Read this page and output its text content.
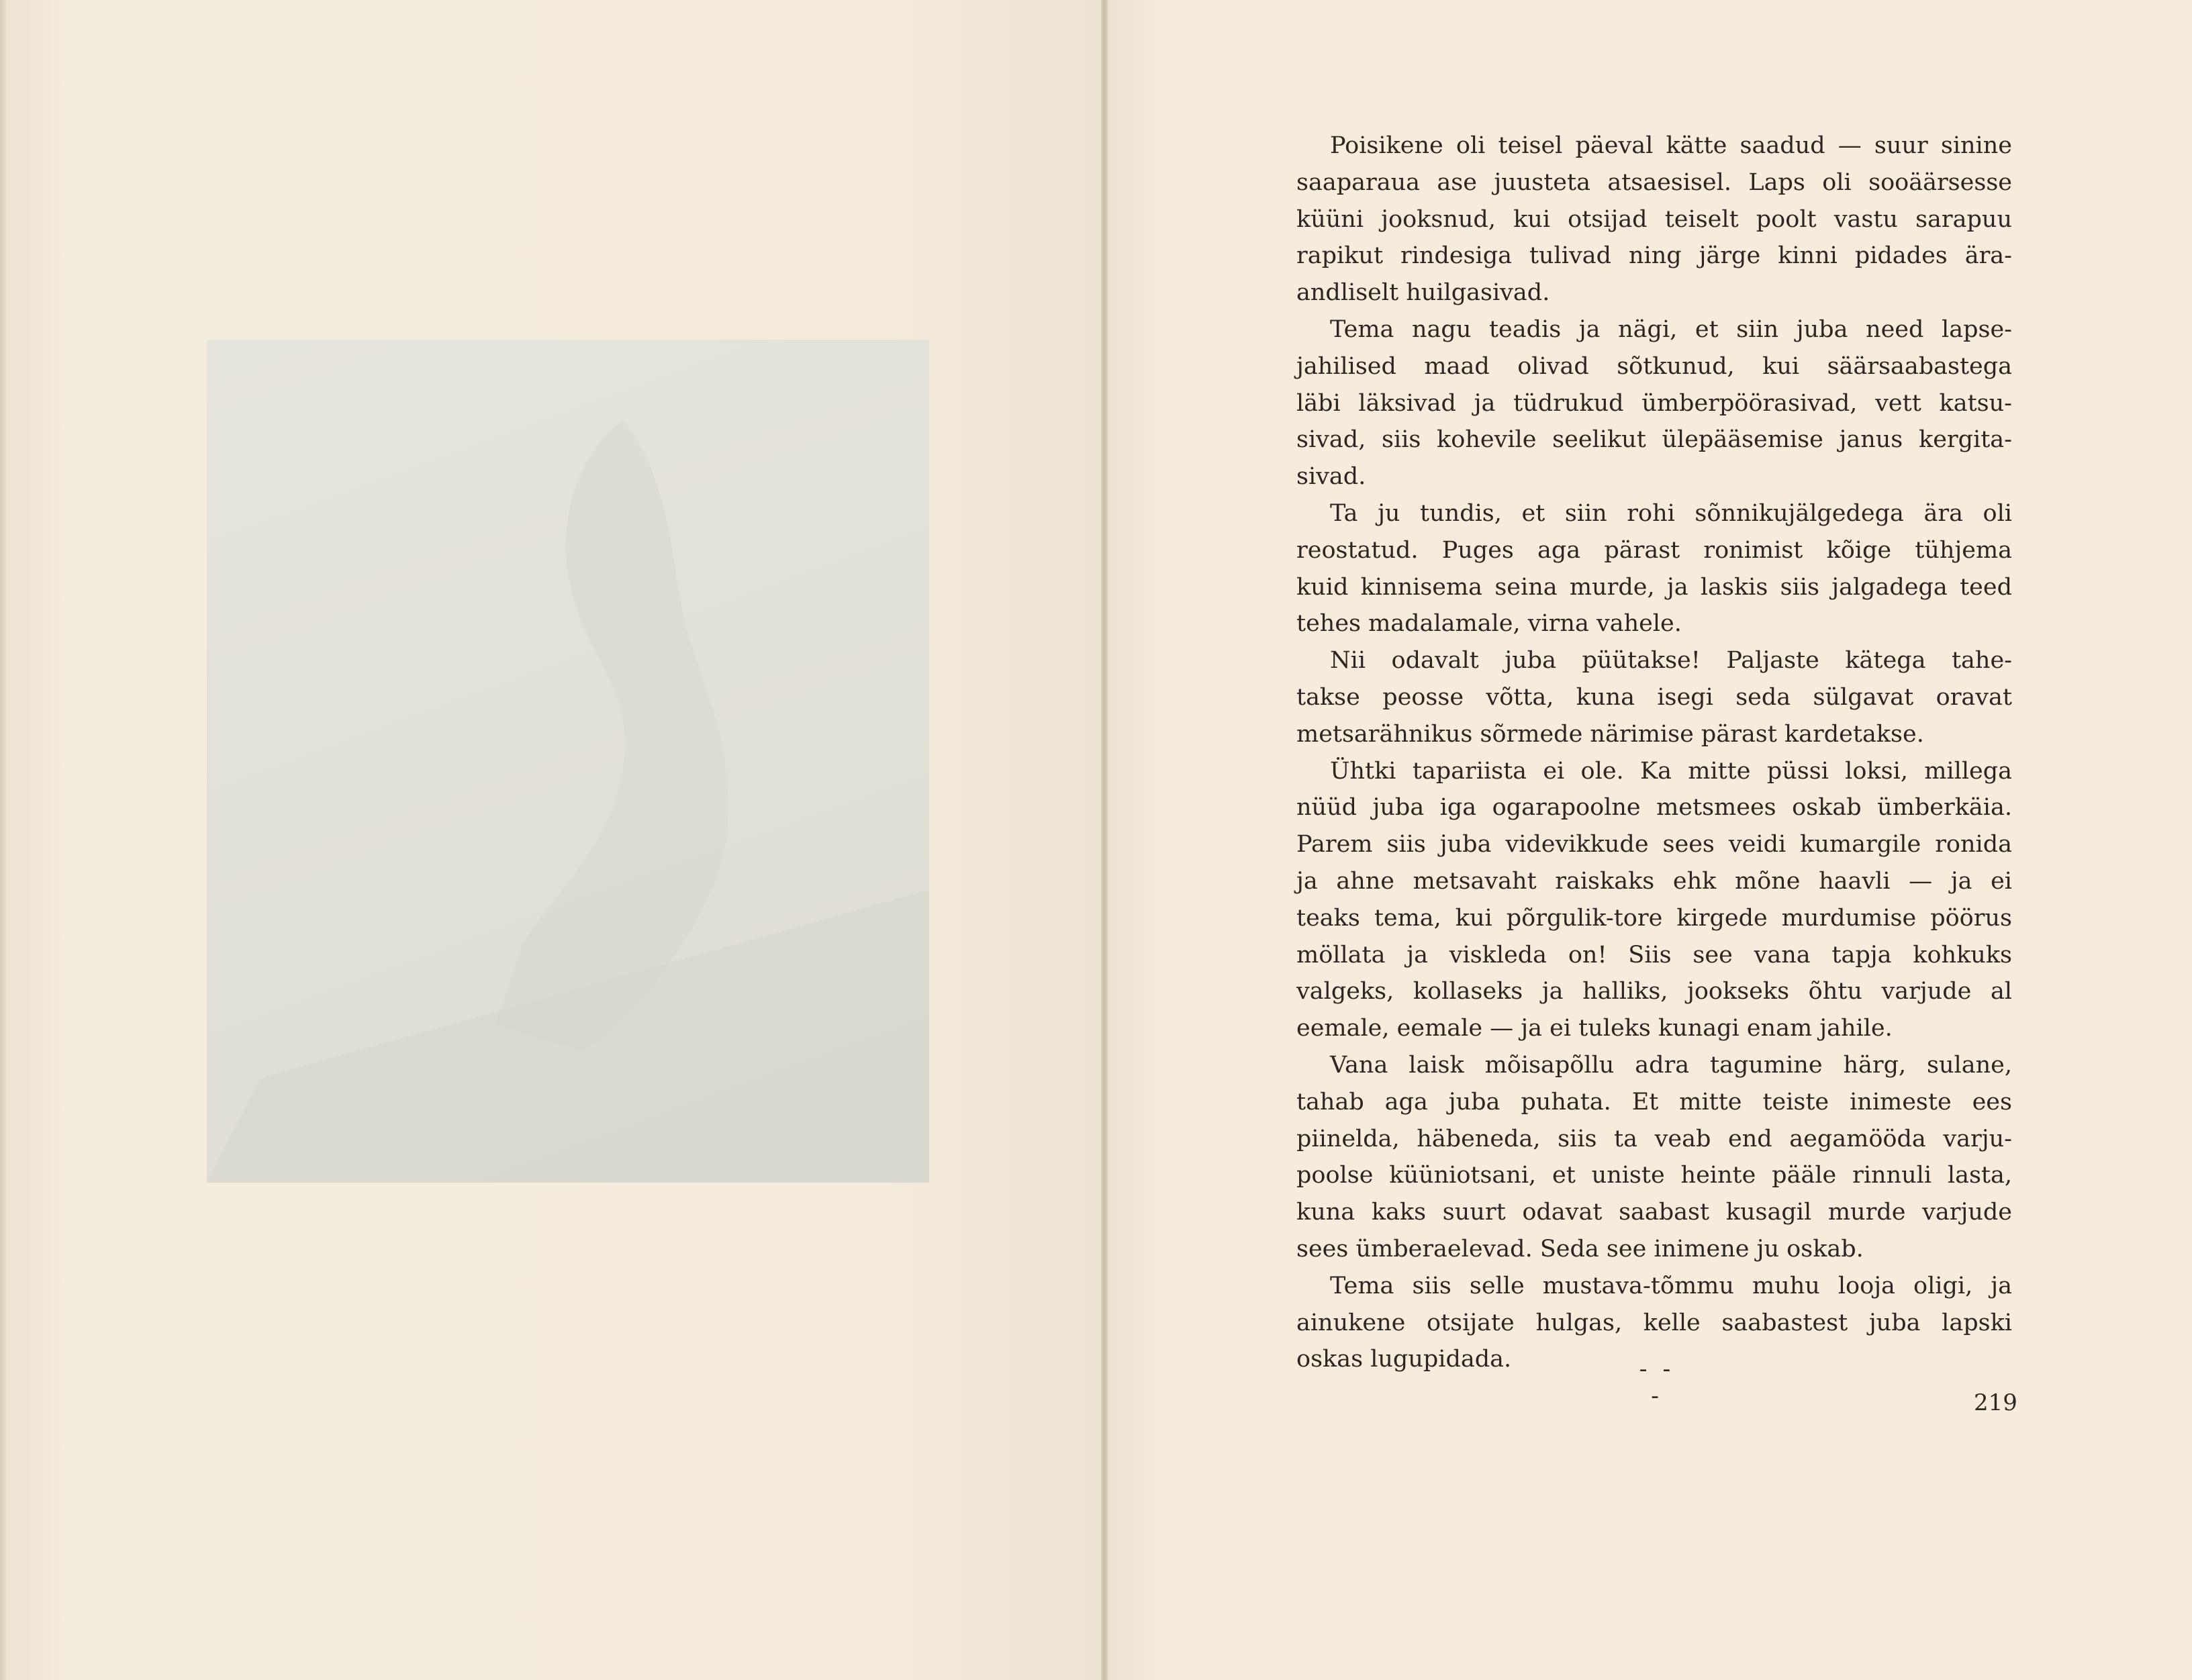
Poisikene oli teisel päeval kätte saadud — suur sinine
saaparaua ase juusteta atsaesisel. Laps oli sooäärsesse
küüni jooksnud, kui otsijad teiselt poolt vastu sarapuu
rapikut rindesiga tulivad ning järge kinni pidades ära-
andliselt huilgasivad.
Tema nagu teadis ja nägi, et siin juba need lapse-
jahilised maad olivad sõtkunud, kui säärsaabastega
läbi läksivad ja tüdrukud ümberpöörasivad, vett katsu-
sivad, siis kohevile seelikut ülepääsemise janus kergita-
sivad.
Ta ju tundis, et siin rohi sõnnikujälgedega ära oli
reostatud. Puges aga pärast ronimist kõige tühjema
kuid kinnisema seina murde, ja laskis siis jalgadega teed
tehes madalamale, virna vahele.
Nii odavalt juba püütakse! Paljaste kätega tahe-
takse peosse võtta, kuna isegi seda sülgavat oravat
metsarähnikus sõrmede närimise pärast kardetakse.
Ühtki tapariista ei ole. Ka mitte püssi loksi, millega
nüüd juba iga ogarapoolne metsmees oskab ümberkäia.
Parem siis juba videvikkude sees veidi kumargile ronida
ja ahne metsavaht raiskaks ehk mõne haavli — ja ei
teaks tema, kui põrgulik-tore kirgede murdumise pöörus
möllata ja viskleda on! Siis see vana tapja kohkuks
valgeks, kollaseks ja halliks, jookseks õhtu varjude al
eemale, eemale — ja ei tuleks kunagi enam jahile.
Vana laisk mõisapõllu adra tagumine härg, sulane,
tahab aga juba puhata. Et mitte teiste inimeste ees
piinelda, häbeneda, siis ta veab end aegamööda varju-
poolse küüniotsani, et uniste heinte pääle rinnuli lasta,
kuna kaks suurt odavat saabast kusagil murde varjude
sees ümberaelevad. Seda see inimene ju oskab.
Tema siis selle mustava-tõmmu muhu looja oligi, ja
ainukene otsijate hulgas, kelle saabastest juba lapski
oskas lugupidada.	- - -	219
